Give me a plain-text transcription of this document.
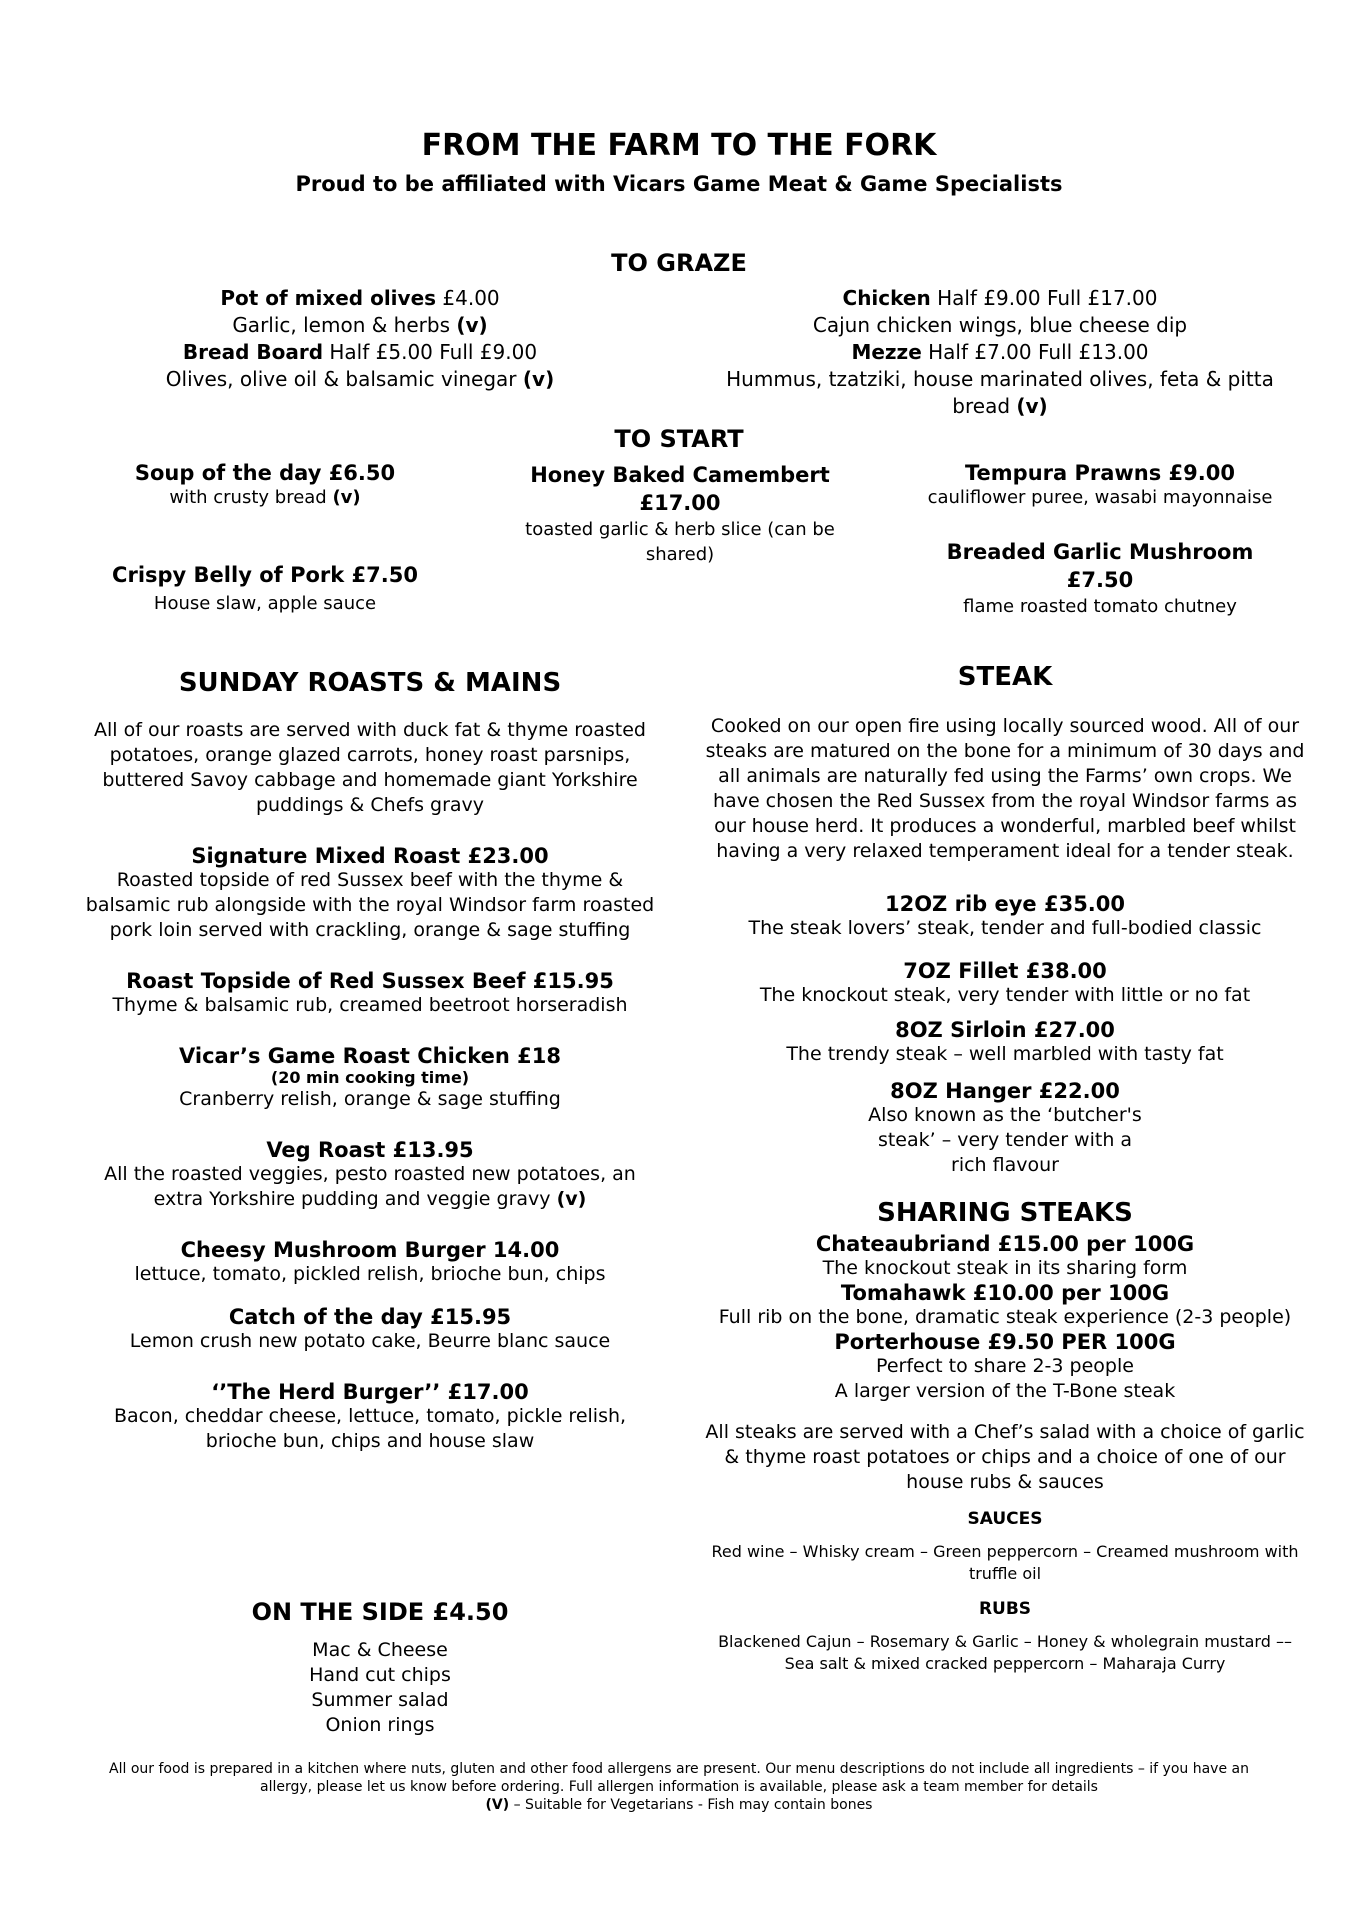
FROM THE FARM TO THE FORK
Proud to be affiliated with Vicars Game Meat & Game Specialists
TO GRAZE
Pot of mixed olives £4.00
Garlic, lemon & herbs (v)
Bread Board Half £5.00 Full £9.00
Olives, olive oil & balsamic vinegar (v)
Chicken Half £9.00 Full £17.00
Cajun chicken wings, blue cheese dip
Mezze Half £7.00 Full £13.00
Hummus, tzatziki, house marinated olives, feta & pitta bread (v)
TO START
Soup of the day £6.50
with crusty bread (v)
Crispy Belly of Pork £7.50
House slaw, apple sauce
Honey Baked Camembert £17.00
toasted garlic & herb slice (can be shared)
Tempura Prawns £9.00
cauliflower puree, wasabi mayonnaise
Breaded Garlic Mushroom £7.50
flame roasted tomato chutney
SUNDAY ROASTS & MAINS
All of our roasts are served with duck fat & thyme roasted potatoes, orange glazed carrots, honey roast parsnips, buttered Savoy cabbage and homemade giant Yorkshire puddings & Chefs gravy
Signature Mixed Roast £23.00
Roasted topside of red Sussex beef with the thyme & balsamic rub alongside with the royal Windsor farm roasted pork loin served with crackling, orange & sage stuffing
Roast Topside of Red Sussex Beef £15.95
Thyme & balsamic rub, creamed beetroot horseradish
Vicar’s Game Roast Chicken £18
(20 min cooking time)
Cranberry relish, orange & sage stuffing
Veg Roast £13.95
All the roasted veggies, pesto roasted new potatoes, an extra Yorkshire pudding and veggie gravy (v)
Cheesy Mushroom Burger 14.00
lettuce, tomato, pickled relish, brioche bun, chips
Catch of the day £15.95
Lemon crush new potato cake, Beurre blanc sauce
‘’The Herd Burger’’ £17.00
Bacon, cheddar cheese, lettuce, tomato, pickle relish, brioche bun, chips and house slaw
ON THE SIDE £4.50
Mac & Cheese
Hand cut chips
Summer salad
Onion rings
STEAK
Cooked on our open fire using locally sourced wood. All of our steaks are matured on the bone for a minimum of 30 days and all animals are naturally fed using the Farms’ own crops. We have chosen the Red Sussex from the royal Windsor farms as our house herd. It produces a wonderful, marbled beef whilst having a very relaxed temperament ideal for a tender steak.
12OZ rib eye £35.00
The steak lovers’ steak, tender and full-bodied classic
7OZ Fillet £38.00
The knockout steak, very tender with little or no fat
8OZ Sirloin £27.00
The trendy steak – well marbled with tasty fat
8OZ Hanger £22.00
Also known as the ‘butcher's steak’ – very tender with a rich flavour
SHARING STEAKS
Chateaubriand £15.00 per 100G
The knockout steak in its sharing form
Tomahawk £10.00 per 100G
Full rib on the bone, dramatic steak experience (2-3 people)
Porterhouse £9.50 PER 100G
Perfect to share 2-3 people
A larger version of the T-Bone steak
All steaks are served with a Chef’s salad with a choice of garlic & thyme roast potatoes or chips and a choice of one of our house rubs & sauces
SAUCES
Red wine – Whisky cream – Green peppercorn – Creamed mushroom with truffle oil
RUBS
Blackened Cajun – Rosemary & Garlic – Honey & wholegrain mustard –– Sea salt & mixed cracked peppercorn – Maharaja Curry
All our food is prepared in a kitchen where nuts, gluten and other food allergens are present. Our menu descriptions do not include all ingredients – if you have an allergy, please let us know before ordering. Full allergen information is available, please ask a team member for details
(V) – Suitable for Vegetarians - Fish may contain bones
